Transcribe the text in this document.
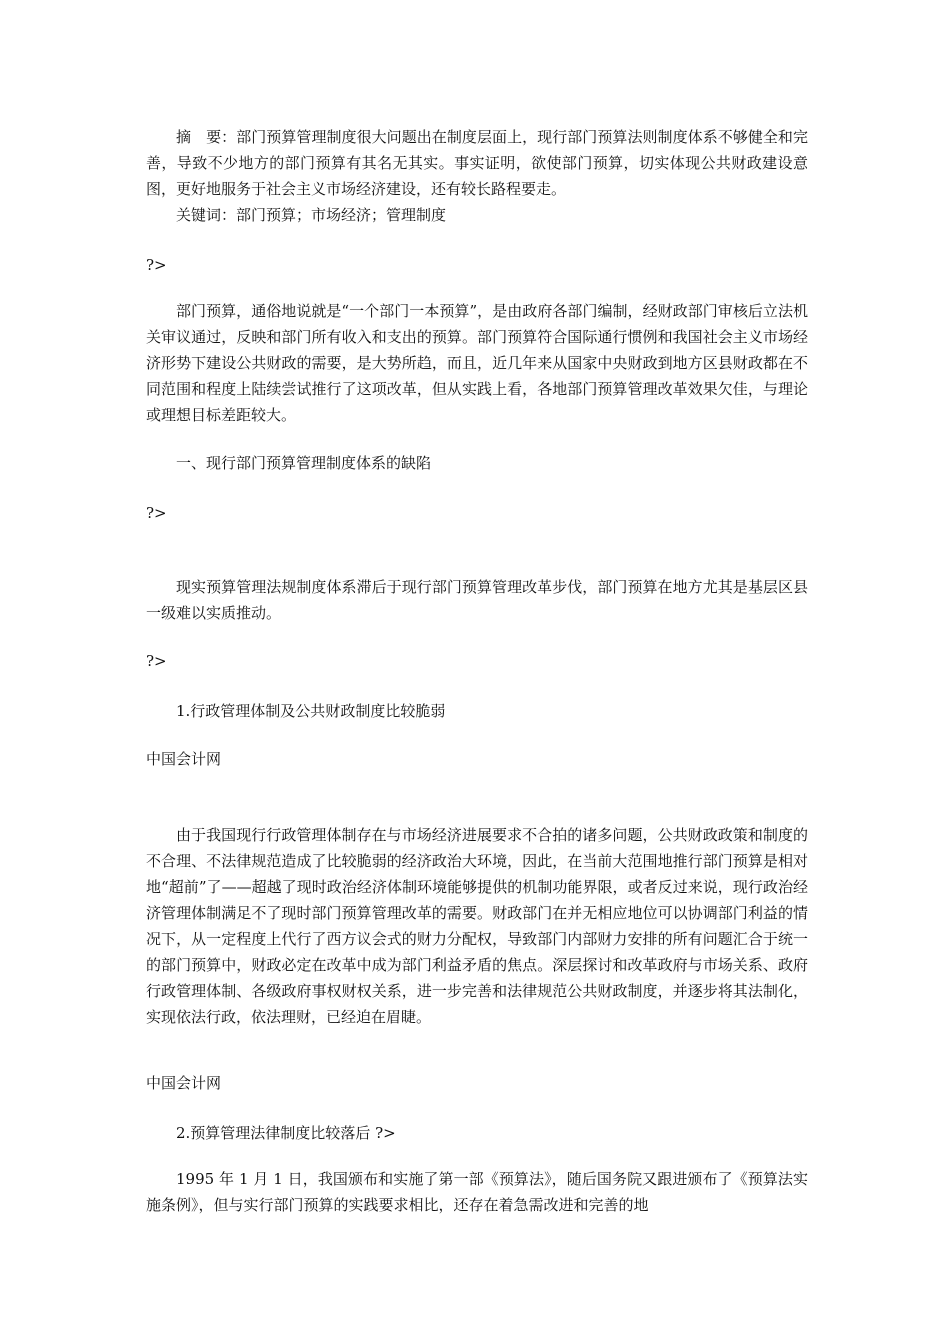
摘　要：部门预算管理制度很大问题出在制度层面上，现行部门预算法则制度体系不够健全和完善，导致不少地方的部门预算有其名无其实。事实证明，欲使部门预算，切实体现公共财政建设意图，更好地服务于社会主义市场经济建设，还有较长路程要走。

关键词：部门预算；市场经济；管理制度

?>

部门预算，通俗地说就是“一个部门一本预算”，是由政府各部门编制，经财政部门审核后立法机关审议通过，反映和部门所有收入和支出的预算。部门预算符合国际通行惯例和我国社会主义市场经济形势下建设公共财政的需要，是大势所趋，而且，近几年来从国家中央财政到地方区县财政都在不同范围和程度上陆续尝试推行了这项改革，但从实践上看，各地部门预算管理改革效果欠佳，与理论或理想目标差距较大。

一、现行部门预算管理制度体系的缺陷

?>

现实预算管理法规制度体系滞后于现行部门预算管理改革步伐，部门预算在地方尤其是基层区县一级难以实质推动。

?>

1.行政管理体制及公共财政制度比较脆弱

中国会计网

由于我国现行行政管理体制存在与市场经济进展要求不合拍的诸多问题，公共财政政策和制度的不合理、不法律规范造成了比较脆弱的经济政治大环境，因此，在当前大范围地推行部门预算是相对地“超前”了——超越了现时政治经济体制环境能够提供的机制功能界限，或者反过来说，现行政治经济管理体制满足不了现时部门预算管理改革的需要。财政部门在并无相应地位可以协调部门利益的情况下，从一定程度上代行了西方议会式的财力分配权，导致部门内部财力安排的所有问题汇合于统一的部门预算中，财政必定在改革中成为部门利益矛盾的焦点。深层探讨和改革政府与市场关系、政府行政管理体制、各级政府事权财权关系，进一步完善和法律规范公共财政制度，并逐步将其法制化，实现依法行政，依法理财，已经迫在眉睫。

中国会计网

2.预算管理法律制度比较落后 ?>

1995 年 1 月 1 日，我国颁布和实施了第一部《预算法》，随后国务院又跟进颁布了《预算法实施条例》，但与实行部门预算的实践要求相比，还存在着急需改进和完善的地
